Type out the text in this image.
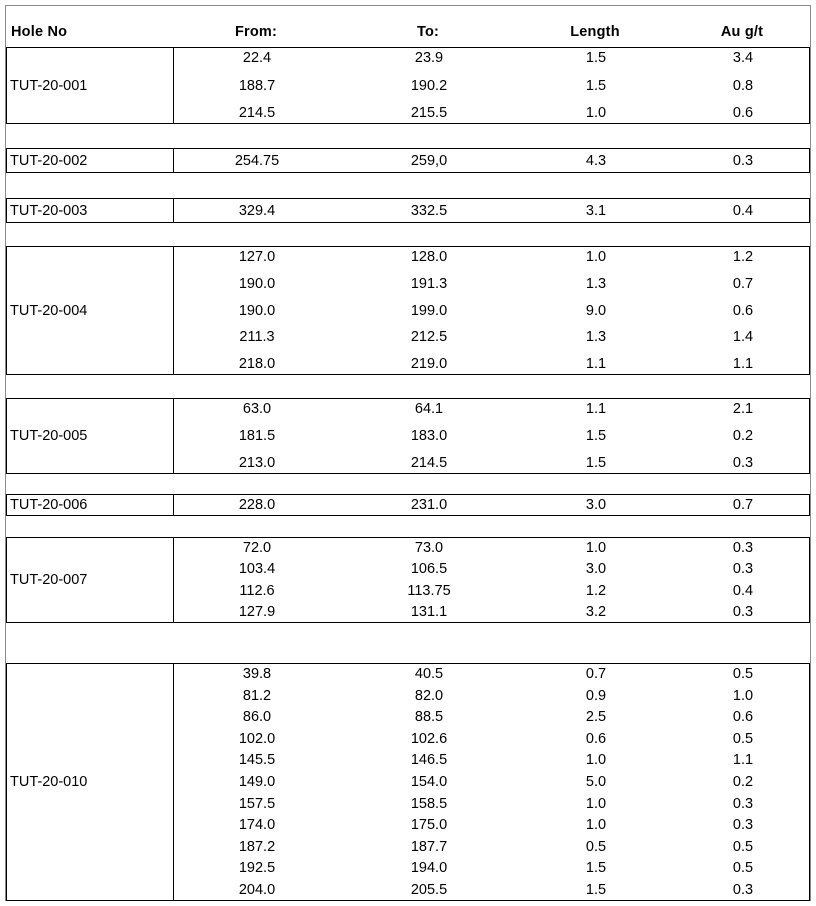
Hole No	From:	To:	Length	Au g/t
TUT-20-001
22.4	23.9	1.5	3.4
188.7	190.2	1.5	0.8
214.5	215.5	1.0	0.6
TUT-20-002	254.75	259,0	4.3	0.3
TUT-20-003	329.4	332.5	3.1	0.4
TUT-20-004
127.0	128.0	1.0	1.2
190.0	191.3	1.3	0.7
190.0	199.0	9.0	0.6
211.3	212.5	1.3	1.4
218.0	219.0	1.1	1.1
TUT-20-005
63.0	64.1	1.1	2.1
181.5	183.0	1.5	0.2
213.0	214.5	1.5	0.3
TUT-20-006	228.0	231.0	3.0	0.7
TUT-20-007
72.0	73.0	1.0	0.3
103.4	106.5	3.0	0.3
112.6	113.75	1.2	0.4
127.9	131.1	3.2	0.3
TUT-20-010
39.8	40.5	0.7	0.5
81.2	82.0	0.9	1.0
86.0	88.5	2.5	0.6
102.0	102.6	0.6	0.5
145.5	146.5	1.0	1.1
149.0	154.0	5.0	0.2
157.5	158.5	1.0	0.3
174.0	175.0	1.0	0.3
187.2	187.7	0.5	0.5
192.5	194.0	1.5	0.5
204.0	205.5	1.5	0.3
